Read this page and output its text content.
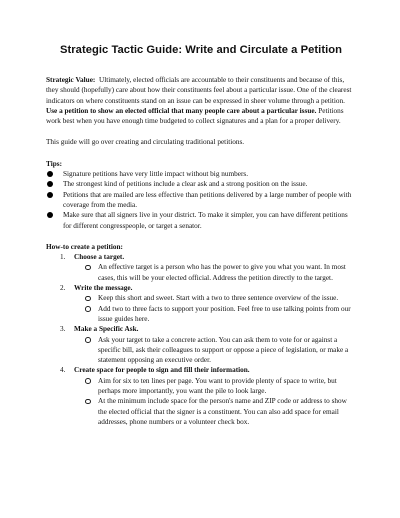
Strategic Tactic Guide: Write and Circulate a Petition

Strategic Value: Ultimately, elected officials are accountable to their constituents and because of this, they should (hopefully) care about how their constituents feel about a particular issue. One of the clearest indicators on where constituents stand on an issue can be expressed in sheer volume through a petition. Use a petition to show an elected official that many people care about a particular issue. Petitions work best when you have enough time budgeted to collect signatures and a plan for a proper delivery.

This guide will go over creating and circulating traditional petitions.

Tips:
Signature petitions have very little impact without big numbers.
The strongest kind of petitions include a clear ask and a strong position on the issue.
Petitions that are mailed are less effective than petitions delivered by a large number of people with coverage from the media.
Make sure that all signers live in your district. To make it simpler, you can have different petitions for different congresspeople, or target a senator.
How-to create a petition:
1. Choose a target.
An effective target is a person who has the power to give you what you want. In most cases, this will be your elected official. Address the petition directly to the target.
2. Write the message.
Keep this short and sweet. Start with a two to three sentence overview of the issue.
Add two to three facts to support your position. Feel free to use talking points from our issue guides here.
3. Make a Specific Ask.
Ask your target to take a concrete action. You can ask them to vote for or against a specific bill, ask their colleagues to support or oppose a piece of legislation, or make a statement opposing an executive order.
4. Create space for people to sign and fill their information.
Aim for six to ten lines per page. You want to provide plenty of space to write, but perhaps more importantly, you want the pile to look large.
At the minimum include space for the person's name and ZIP code or address to show the elected official that the signer is a constituent. You can also add space for email addresses, phone numbers or a volunteer check box.
